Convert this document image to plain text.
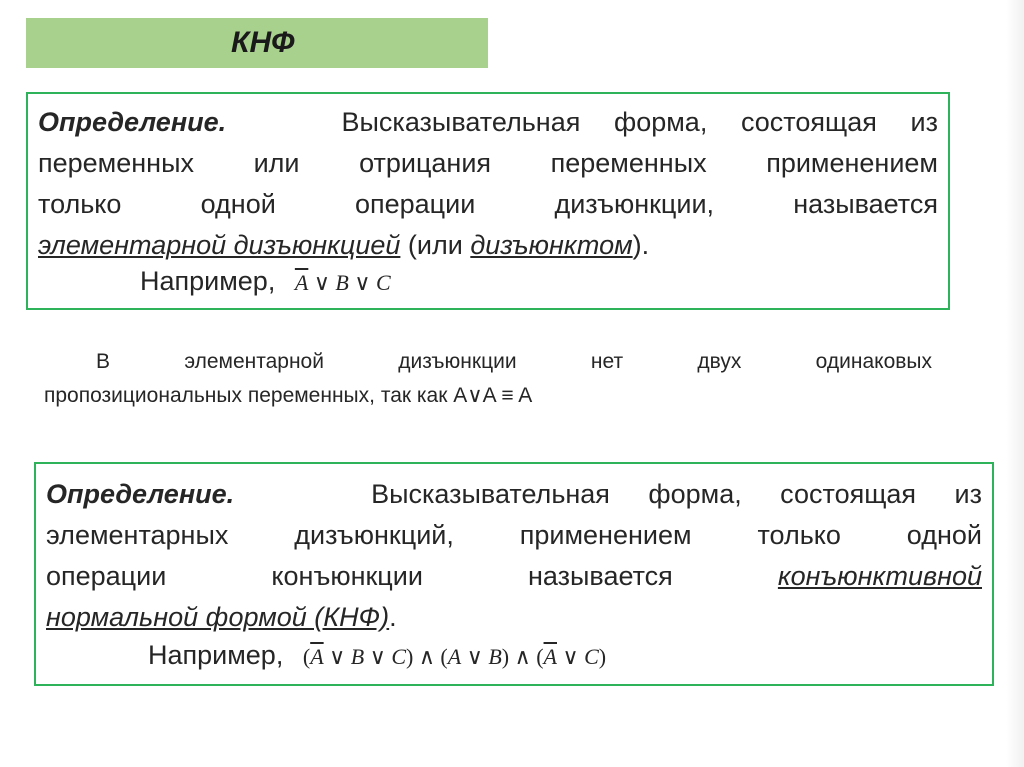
КНФ
Определение.	Высказывательная форма, состоящая из
переменных или отрицания переменных применением
только одной операции дизъюнкции, называется
элементарной дизъюнкцией (или дизъюнктом).
Например, $\overline{A}$ ∨ B ∨ C
В элементарной дизъюнкции нет двух одинаковых
пропозициональных переменных, так как A∨A ≡ A
Определение.	Высказывательная форма, состоящая из
элементарных дизъюнкций, применением только одной
операции конъюнкции называется конъюнктивной
нормальной формой (КНФ).
Например, ($\overline{A}$ ∨ B ∨ C) ∧ (A ∨ B) ∧ ($\overline{A}$ ∨ C)
